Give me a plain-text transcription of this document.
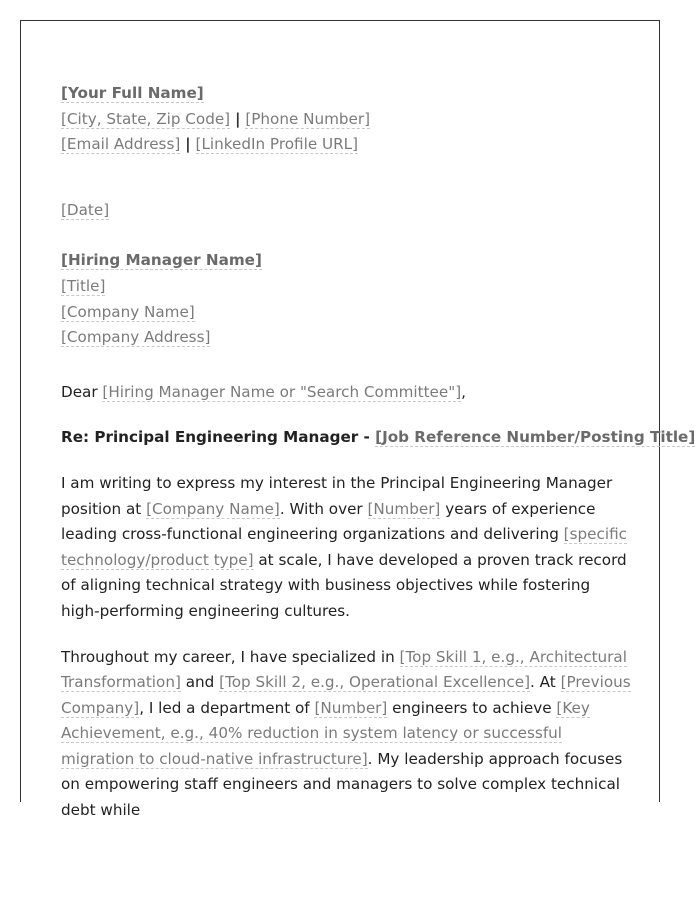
[Your Full Name]
[City, State, Zip Code] | [Phone Number]
[Email Address] | [LinkedIn Profile URL]
[Date]
[Hiring Manager Name]
[Title]
[Company Name]
[Company Address]
Dear [Hiring Manager Name or "Search Committee"],
Re: Principal Engineering Manager - [Job Reference Number/Posting Title]

I am writing to express my interest in the Principal Engineering Manager position at [Company Name]. With over [Number] years of experience leading cross-functional engineering organizations and delivering [specific technology/product type] at scale, I have developed a proven track record of aligning technical strategy with business objectives while fostering high-performing engineering cultures.

Throughout my career, I have specialized in [Top Skill 1, e.g., Architectural Transformation] and [Top Skill 2, e.g., Operational Excellence]. At [Previous Company], I led a department of [Number] engineers to achieve [Key Achievement, e.g., 40% reduction in system latency or successful migration to cloud-native infrastructure]. My leadership approach focuses on empowering staff engineers and managers to solve complex technical debt while
